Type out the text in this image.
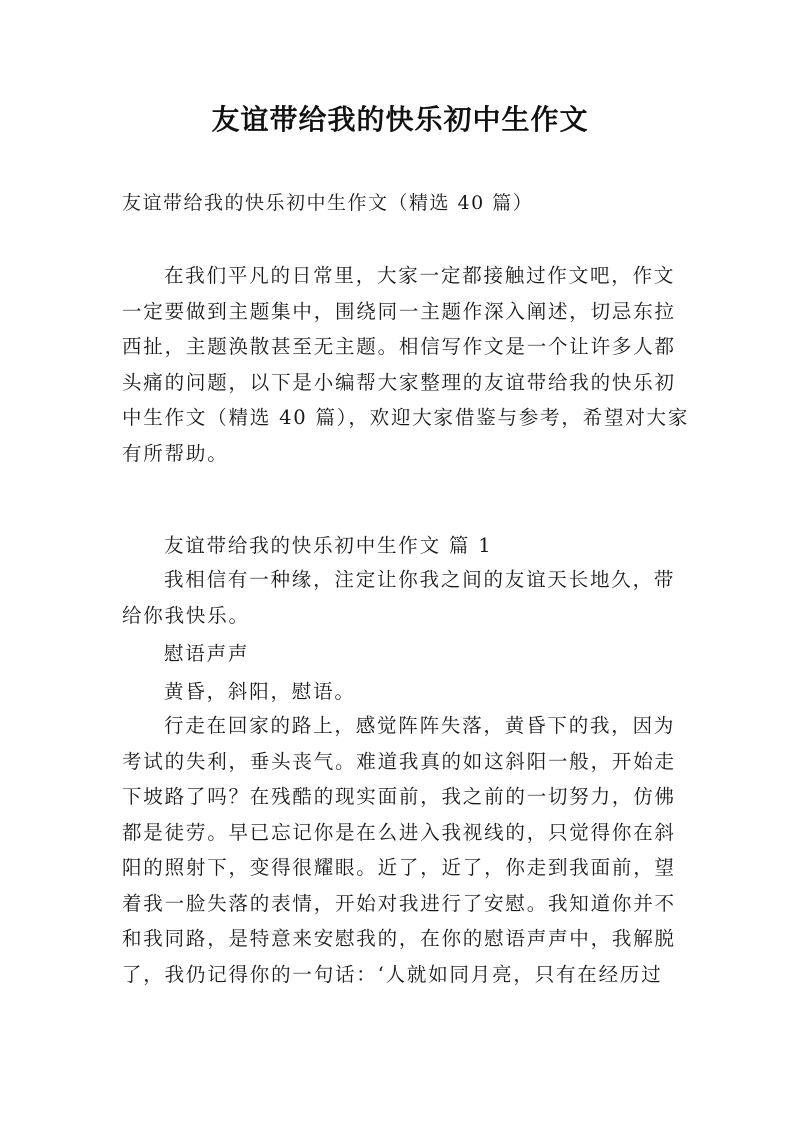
友谊带给我的快乐初中生作文

友谊带给我的快乐初中生作文（精选 40 篇）

在我们平凡的日常里，大家一定都接触过作文吧，作文
一定要做到主题集中，围绕同一主题作深入阐述，切忌东拉
西扯，主题涣散甚至无主题。相信写作文是一个让许多人都
头痛的问题，以下是小编帮大家整理的友谊带给我的快乐初
中生作文（精选 40 篇），欢迎大家借鉴与参考，希望对大家
有所帮助。

友谊带给我的快乐初中生作文 篇 1

我相信有一种缘，注定让你我之间的友谊天长地久，带
给你我快乐。

慰语声声

黄昏，斜阳，慰语。

行走在回家的路上，感觉阵阵失落，黄昏下的我，因为
考试的失利，垂头丧气。难道我真的如这斜阳一般，开始走
下坡路了吗？在残酷的现实面前，我之前的一切努力，仿佛
都是徒劳。早已忘记你是在么进入我视线的，只觉得你在斜
阳的照射下，变得很耀眼。近了，近了，你走到我面前，望
着我一脸失落的表情，开始对我进行了安慰。我知道你并不
和我同路，是特意来安慰我的，在你的慰语声声中，我解脱
了，我仍记得你的一句话：‘人就如同月亮，只有在经历过
